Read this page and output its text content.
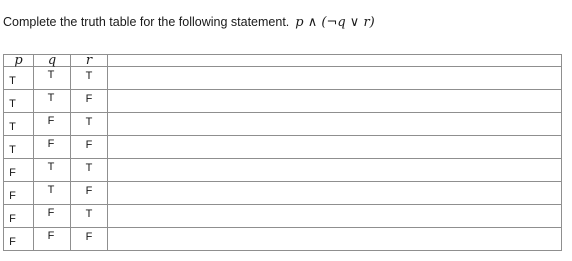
Complete the truth table for the following statement. p ∧ (¬q ∨ r)
p	q	r	
T	T	T	
T	T	F	
T	F	T	
T	F	F	
F	T	T	
F	T	F	
F	F	T	
F	F	F	
